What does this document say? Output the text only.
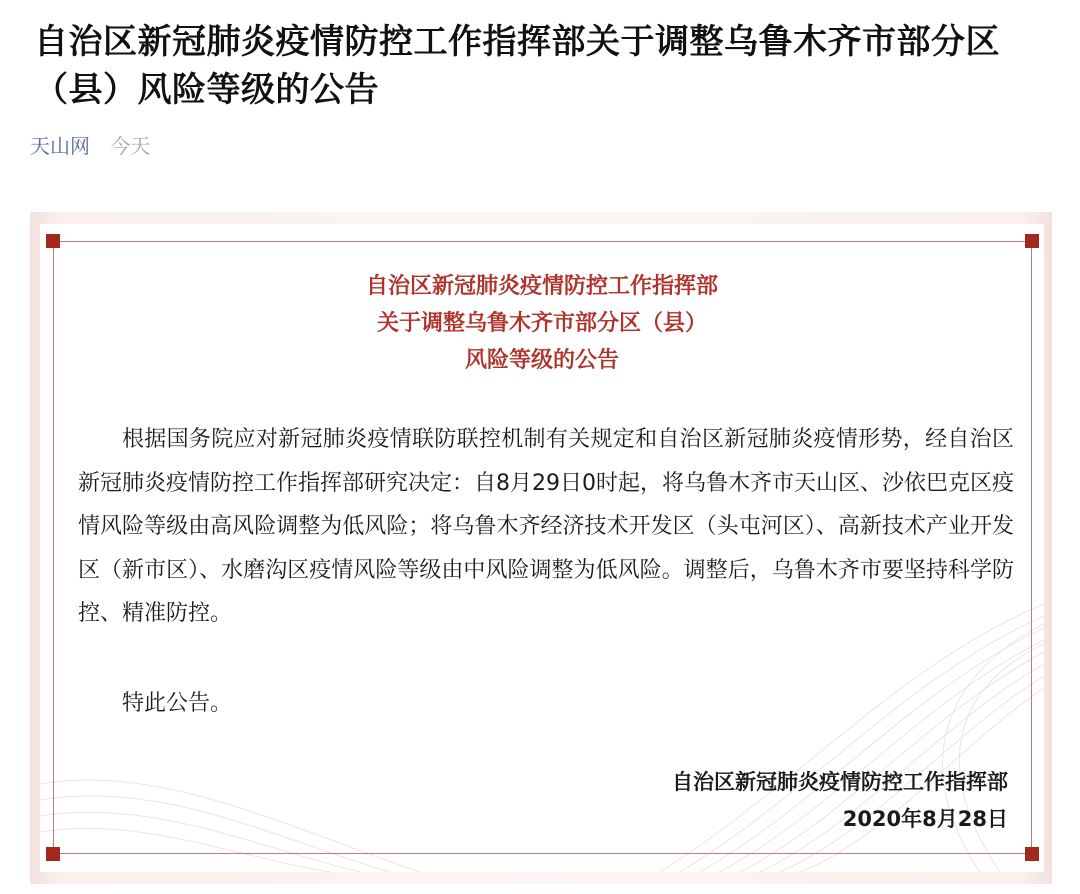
自治区新冠肺炎疫情防控工作指挥部关于调整乌鲁木齐市部分区（县）风险等级的公告
天山网 今天
自治区新冠肺炎疫情防控工作指挥部
关于调整乌鲁木齐市部分区（县）
风险等级的公告

根据国务院应对新冠肺炎疫情联防联控机制有关规定和自治区新冠肺炎疫情形势，经自治区新冠肺炎疫情防控工作指挥部研究决定：自8月29日0时起，将乌鲁木齐市天山区、沙依巴克区疫情风险等级由高风险调整为低风险；将乌鲁木齐经济技术开发区（头屯河区）、高新技术产业开发区（新市区）、水磨沟区疫情风险等级由中风险调整为低风险。调整后，乌鲁木齐市要坚持科学防控、精准防控。

特此公告。

自治区新冠肺炎疫情防控工作指挥部
2020年8月28日
